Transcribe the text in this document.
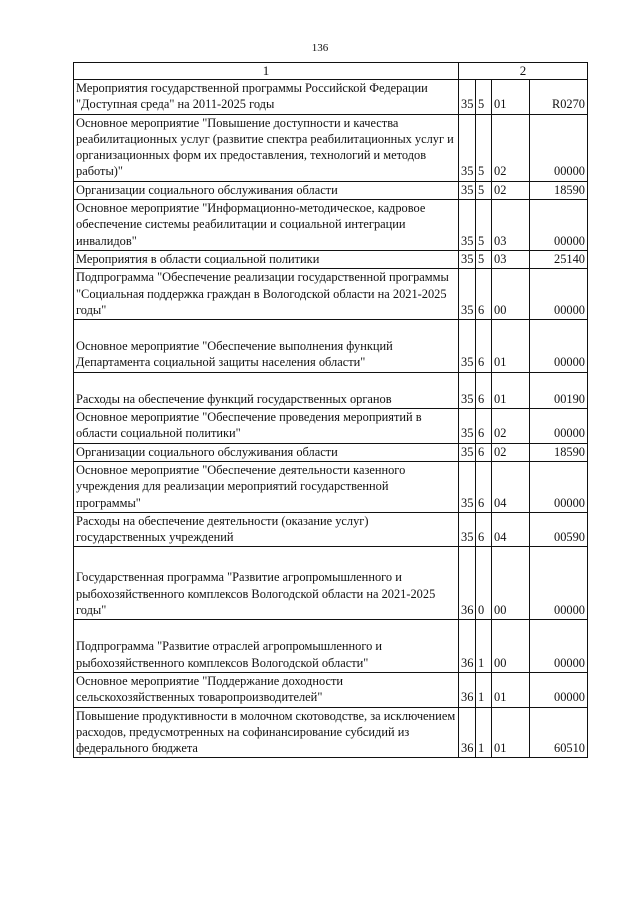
136
1	2			
Мероприятия государственной программы Российской Федерации "Доступная среда" на 2011-2025 годы	35	5	01	R0270
Основное мероприятие "Повышение доступности и качества реабилитационных услуг (развитие спектра реабилитационных услуг и организационных форм их предоставления, технологий и методов работы)"	35	5	02	00000
Организации социального обслуживания области	35	5	02	18590
Основное мероприятие "Информационно-методическое, кадровое обеспечение системы реабилитации и социальной интеграции инвалидов"	35	5	03	00000
Мероприятия в области социальной политики	35	5	03	25140
Подпрограмма "Обеспечение реализации государственной программы "Социальная поддержка граждан в Вологодской области на 2021-2025 годы"	35	6	00	00000
Основное мероприятие "Обеспечение выполнения функций Департамента социальной защиты населения области"	35	6	01	00000
Расходы на обеспечение функций государственных органов	35	6	01	00190
Основное мероприятие "Обеспечение проведения мероприятий в области социальной политики"	35	6	02	00000
Организации социального обслуживания области	35	6	02	18590
Основное мероприятие "Обеспечение деятельности казенного учреждения для реализации мероприятий государственной программы"	35	6	04	00000
Расходы на обеспечение деятельности (оказание услуг) государственных учреждений	35	6	04	00590
Государственная программа "Развитие агропромышленного и рыбохозяйственного комплексов Вологодской области на 2021-2025 годы"	36	0	00	00000
Подпрограмма "Развитие отраслей агропромышленного и рыбохозяйственного комплексов Вологодской области"	36	1	00	00000
Основное мероприятие "Поддержание доходности сельскохозяйственных товаропроизводителей"	36	1	01	00000
Повышение продуктивности в молочном скотоводстве, за исключением расходов, предусмотренных на софинансирование субсидий из федерального бюджета	36	1	01	60510
